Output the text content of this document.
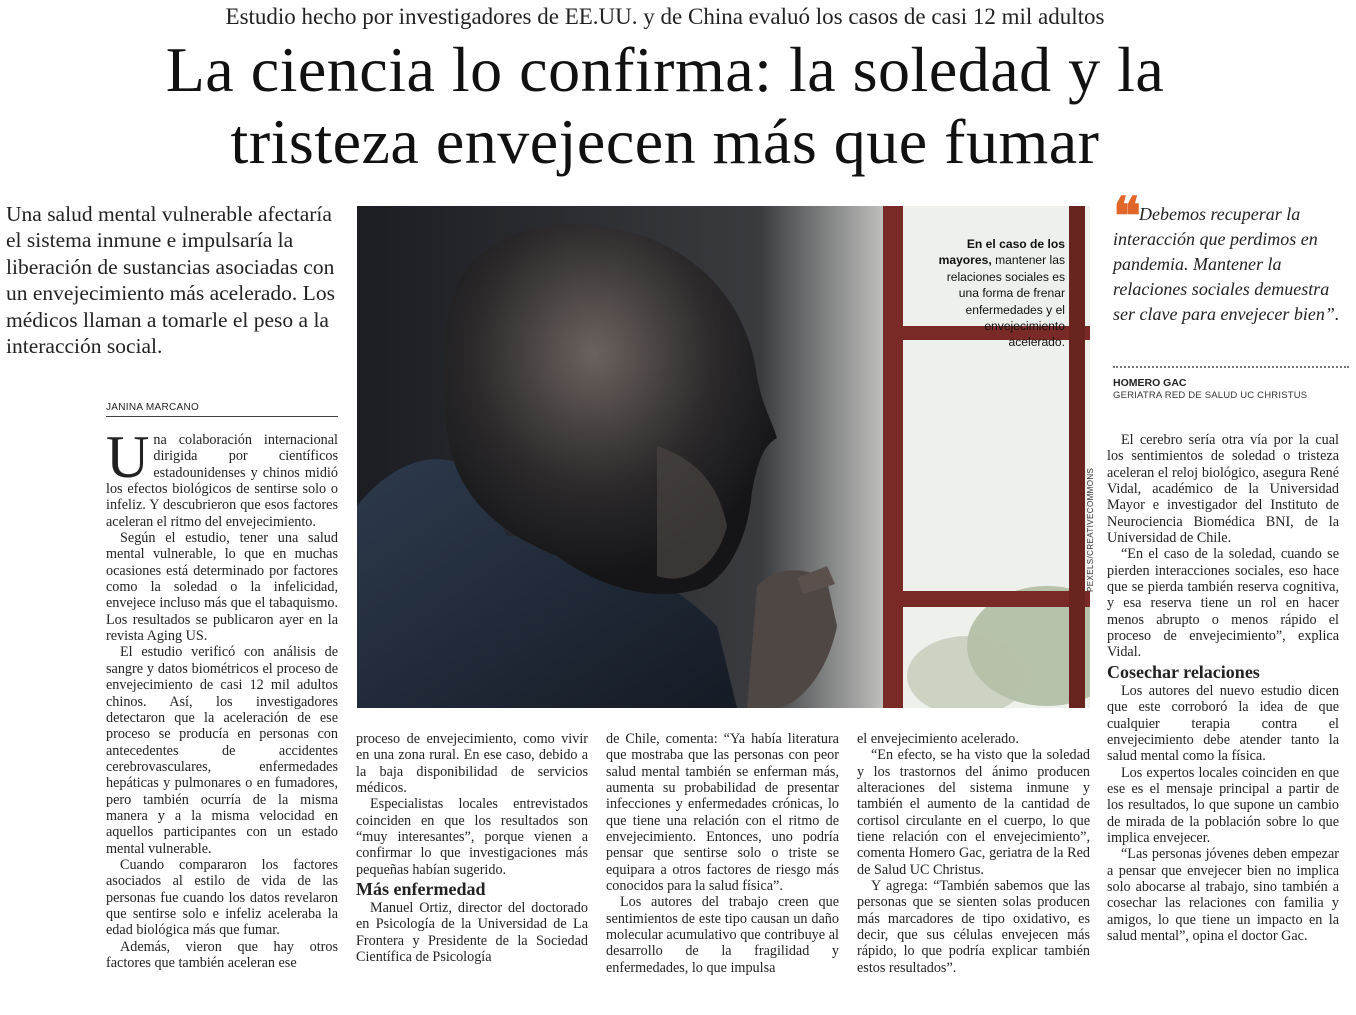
Estudio hecho por investigadores de EE.UU. y de China evaluó los casos de casi 12 mil adultos
La ciencia lo confirma: la soledad y la
tristeza envejecen más que fumar
Una salud mental vulnerable afectaría el sistema inmune e impulsaría la liberación de sustancias asociadas con un envejecimiento más acelerado. Los médicos llaman a tomarle el peso a la interacción social.
JANINA MARCANO

Una colaboración internacional dirigida por científicos estadounidenses y chinos midió los efectos biológicos de sentirse solo o infeliz. Y descubrieron que esos factores aceleran el ritmo del envejecimiento.

Según el estudio, tener una salud mental vulnerable, lo que en muchas ocasiones está determinado por factores como la soledad o la infelicidad, envejece incluso más que el tabaquismo. Los resultados se publicaron ayer en la revista Aging US.

El estudio verificó con análisis de sangre y datos biométricos el proceso de envejecimiento de casi 12 mil adultos chinos. Así, los investigadores detectaron que la aceleración de ese proceso se producía en personas con antecedentes de accidentes cerebrovasculares, enfermedades hepáticas y pulmonares o en fumadores, pero también ocurría de la misma manera y a la misma velocidad en aquellos participantes con un estado mental vulnerable.

Cuando compararon los factores asociados al estilo de vida de las personas fue cuando los datos revelaron que sentirse solo e infeliz aceleraba la edad biológica más que fumar.

Además, vieron que hay otros factores que también aceleran ese

En el caso de los mayores, mantener las relaciones sociales es una forma de frenar enfermedades y el envejecimiento acelerado.
PEXELS/CREATIVECOMMONS
❝ Debemos recuperar la interacción que perdimos en pandemia. Mantener la relaciones sociales demuestra ser clave para envejecer bien”.
HOMERO GAC
GERIATRA RED DE SALUD UC CHRISTUS

proceso de envejecimiento, como vivir en una zona rural. En ese caso, debido a la baja disponibilidad de servicios médicos.

Especialistas locales entrevistados coinciden en que los resultados son “muy interesantes”, porque vienen a confirmar lo que investigaciones más pequeñas habían sugerido.

Más enfermedad

Manuel Ortiz, director del doctorado en Psicología de la Universidad de La Frontera y Presidente de la Sociedad Científica de Psicología

de Chile, comenta: “Ya había literatura que mostraba que las personas con peor salud mental también se enferman más, aumenta su probabilidad de presentar infecciones y enfermedades crónicas, lo que tiene una relación con el ritmo de envejecimiento. Entonces, uno podría pensar que sentirse solo o triste se equipara a otros factores de riesgo más conocidos para la salud física”.

Los autores del trabajo creen que sentimientos de este tipo causan un daño molecular acumulativo que contribuye al desarrollo de la fragilidad y enfermedades, lo que impulsa

el envejecimiento acelerado.

“En efecto, se ha visto que la soledad y los trastornos del ánimo producen alteraciones del sistema inmune y también el aumento de la cantidad de cortisol circulante en el cuerpo, lo que tiene relación con el envejecimiento”, comenta Homero Gac, geriatra de la Red de Salud UC Christus.

Y agrega: “También sabemos que las personas que se sienten solas producen más marcadores de tipo oxidativo, es decir, que sus células envejecen más rápido, lo que podría explicar también estos resultados”.

El cerebro sería otra vía por la cual los sentimientos de soledad o tristeza aceleran el reloj biológico, asegura René Vidal, académico de la Universidad Mayor e investigador del Instituto de Neurociencia Biomédica BNI, de la Universidad de Chile.

“En el caso de la soledad, cuando se pierden interacciones sociales, eso hace que se pierda también reserva cognitiva, y esa reserva tiene un rol en hacer menos abrupto o menos rápido el proceso de envejecimiento”, explica Vidal.

Cosechar relaciones

Los autores del nuevo estudio dicen que este corroboró la idea de que cualquier terapia contra el envejecimiento debe atender tanto la salud mental como la física.

Los expertos locales coinciden en que ese es el mensaje principal a partir de los resultados, lo que supone un cambio de mirada de la población sobre lo que implica envejecer.

“Las personas jóvenes deben empezar a pensar que envejecer bien no implica solo abocarse al trabajo, sino también a cosechar las relaciones con familia y amigos, lo que tiene un impacto en la salud mental”, opina el doctor Gac.
